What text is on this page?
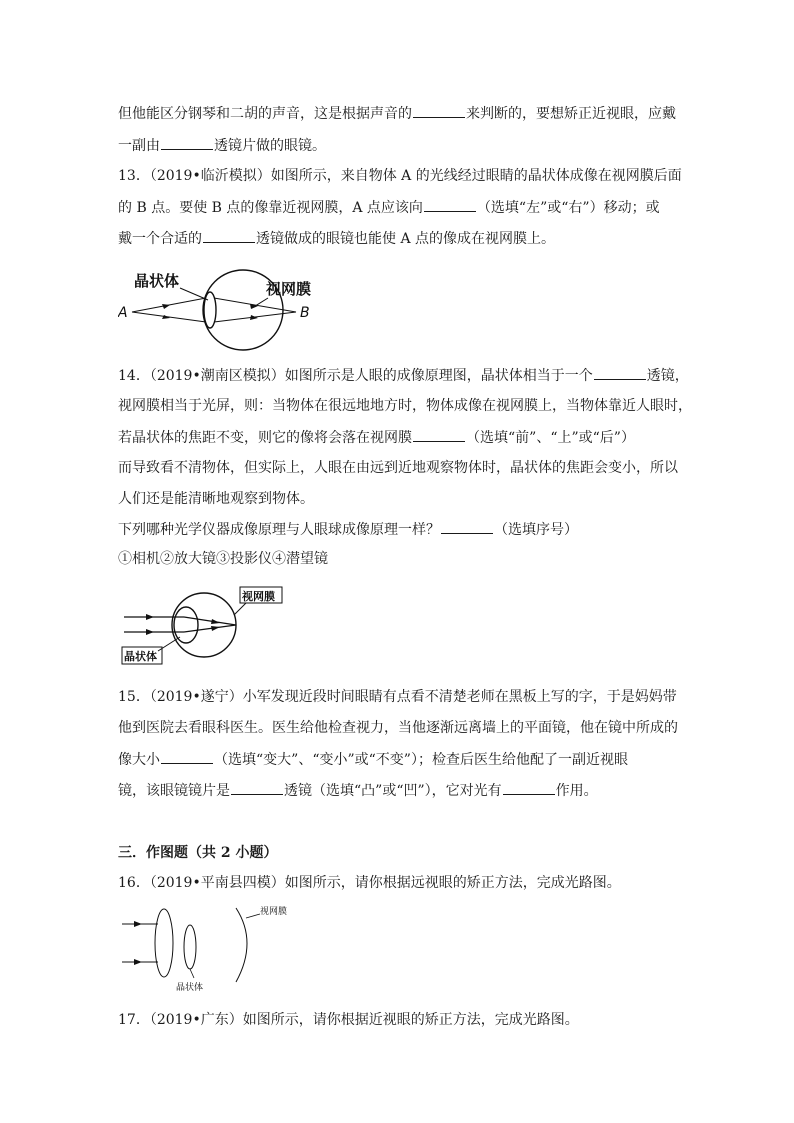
但他能区分钢琴和二胡的声音，这是根据声音的	来判断的，要想矫正近视眼，应戴
一副由	透镜片做的眼镜。
13．（2019•临沂模拟）如图所示，来自物体 A 的光线经过眼睛的晶状体成像在视网膜后面
的 B 点。要使 B 点的像靠近视网膜，A 点应该向	（选填“左”或“右”）移动；或
戴一个合适的	透镜做成的眼镜也能使 A 点的像成在视网膜上。
晶状体	视网膜
A	B
14．（2019•潮南区模拟）如图所示是人眼的成像原理图，晶状体相当于一个	透镜，
视网膜相当于光屏，则：当物体在很远地地方时，物体成像在视网膜上，当物体靠近人眼时，
若晶状体的焦距不变，则它的像将会落在视网膜	（选填“前”、“上”或“后”）
而导致看不清物体，但实际上，人眼在由远到近地观察物体时，晶状体的焦距会变小，所以
人们还是能清晰地观察到物体。
下列哪种光学仪器成像原理与人眼球成像原理一样？	（选填序号）
①相机②放大镜③投影仪④潜望镜
视网膜
晶状体
15．（2019•遂宁）小军发现近段时间眼睛有点看不清楚老师在黑板上写的字，于是妈妈带
他到医院去看眼科医生。医生给他检查视力，当他逐渐远离墙上的平面镜，他在镜中所成的
像大小	（选填“变大”、“变小”或“不变”）；检查后医生给他配了一副近视眼
镜，该眼镜镜片是	透镜（选填“凸”或“凹”），它对光有	作用。
三．作图题（共 2 小题）
16．（2019•平南县四模）如图所示，请你根据远视眼的矫正方法，完成光路图。
视网膜
晶状体
17．（2019•广东）如图所示，请你根据近视眼的矫正方法，完成光路图。
